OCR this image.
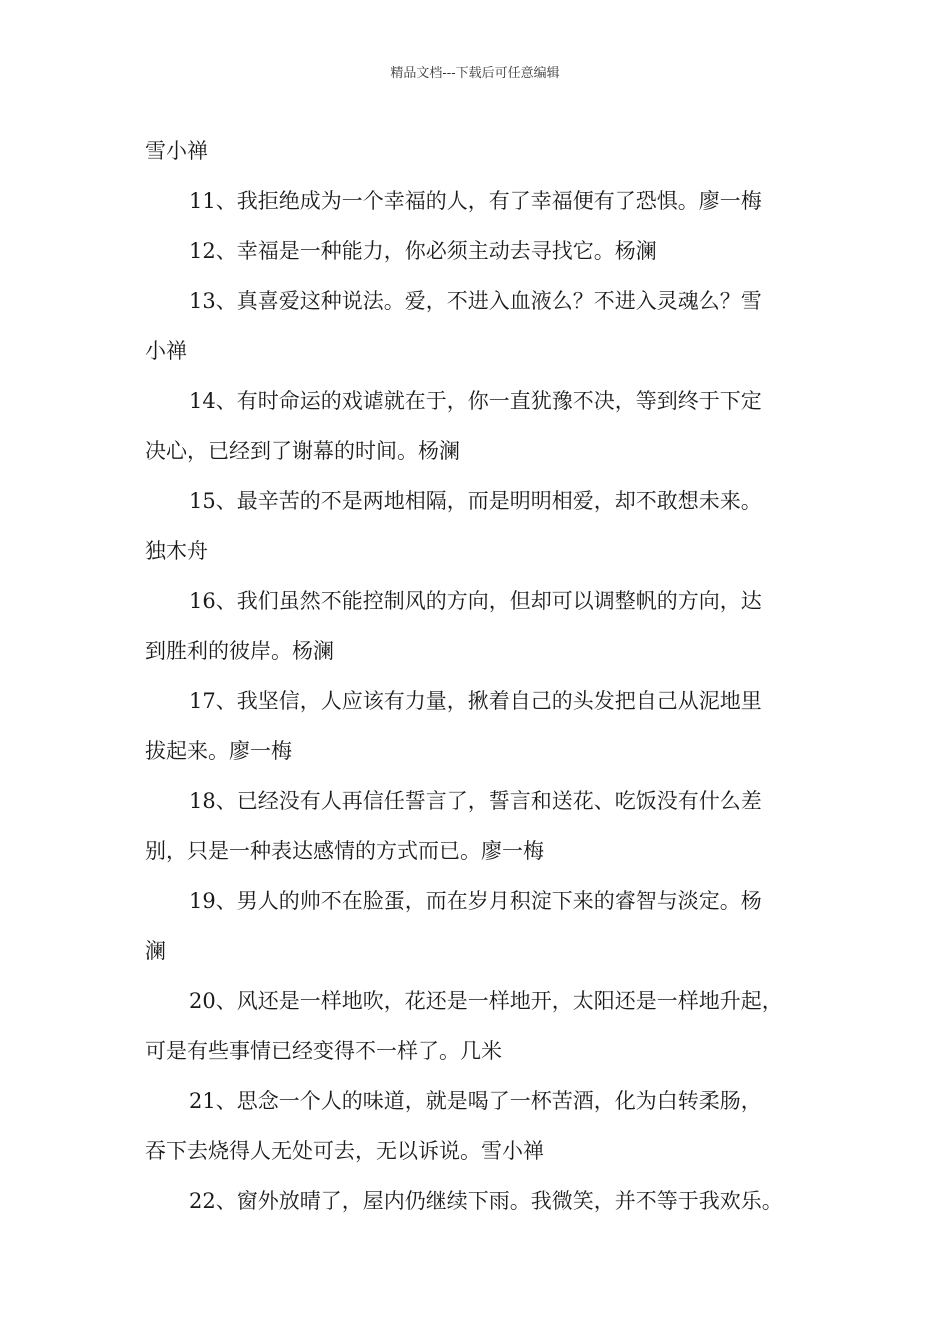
精品文档---下载后可任意编辑
雪小禅
11、我拒绝成为一个幸福的人，有了幸福便有了恐惧。廖一梅
12、幸福是一种能力，你必须主动去寻找它。杨澜
13、真喜爱这种说法。爱，不进入血液么？不进入灵魂么？雪
小禅
14、有时命运的戏谑就在于，你一直犹豫不决，等到终于下定
决心，已经到了谢幕的时间。杨澜
15、最辛苦的不是两地相隔，而是明明相爱，却不敢想未来。
独木舟
16、我们虽然不能控制风的方向，但却可以调整帆的方向，达
到胜利的彼岸。杨澜
17、我坚信，人应该有力量，揪着自己的头发把自己从泥地里
拔起来。廖一梅
18、已经没有人再信任誓言了，誓言和送花、吃饭没有什么差
别，只是一种表达感情的方式而已。廖一梅
19、男人的帅不在脸蛋，而在岁月积淀下来的睿智与淡定。杨
澜
20、风还是一样地吹，花还是一样地开，太阳还是一样地升起，
可是有些事情已经变得不一样了。几米
21、思念一个人的味道，就是喝了一杯苦酒，化为白转柔肠，
吞下去烧得人无处可去，无以诉说。雪小禅
22、窗外放晴了，屋内仍继续下雨。我微笑，并不等于我欢乐。
